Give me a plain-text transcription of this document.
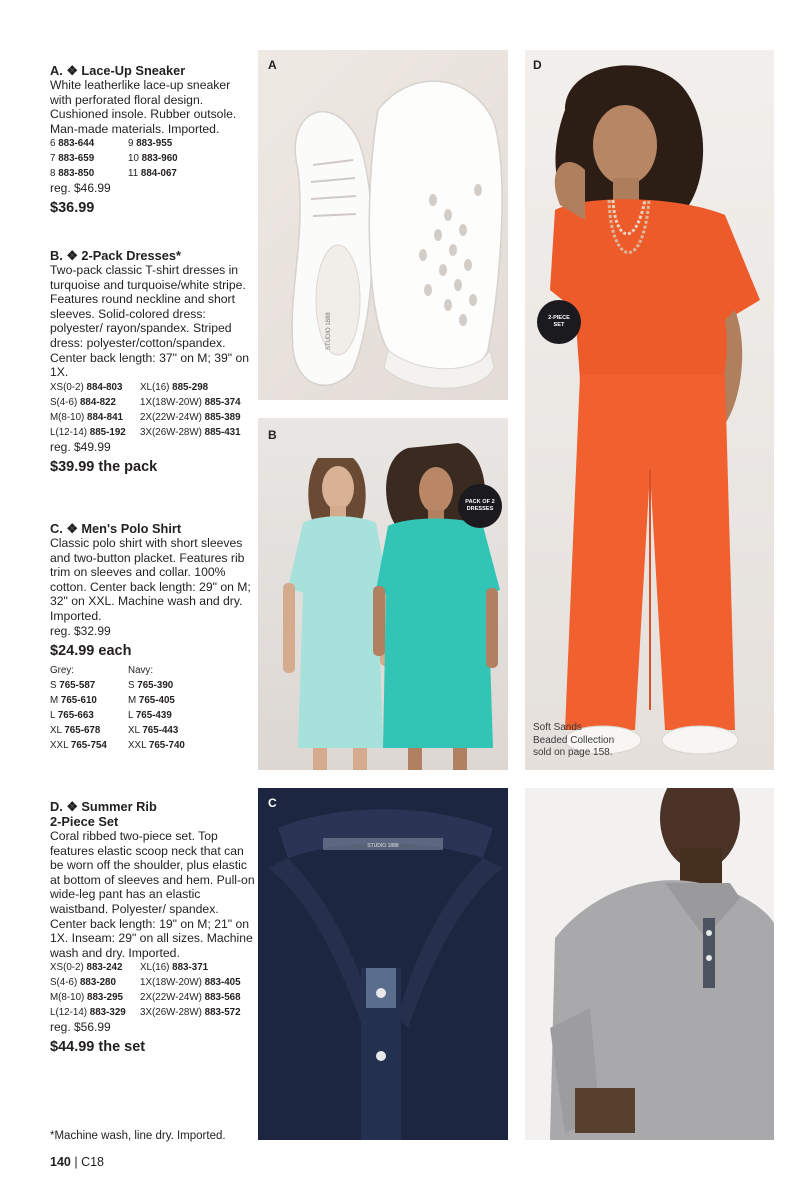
A. ❖ Lace-Up Sneaker

White leatherlike lace-up sneaker with perforated floral design. Cushioned insole. Rubber outsole. Man-made materials. Imported.

6 883-644	9 883-955
7 883-659	10 883-960
8 883-850	11 884-067
reg. $46.99
$36.99
B. ❖ 2-Pack Dresses*

Two-pack classic T-shirt dresses in turquoise and turquoise/white stripe. Features round neckline and short sleeves. Solid-colored dress: polyester/ rayon/spandex. Striped dress: polyester/cotton/spandex. Center back length: 37" on M; 39" on 1X.

XS(0-2) 884-803	XL(16) 885-298
S(4-6) 884-822	1X(18W-20W) 885-374
M(8-10) 884-841	2X(22W-24W) 885-389
L(12-14) 885-192	3X(26W-28W) 885-431
reg. $49.99
$39.99 the pack
C. ❖ Men's Polo Shirt

Classic polo shirt with short sleeves and two-button placket. Features rib trim on sleeves and collar. 100% cotton. Center back length: 29" on M; 32" on XXL. Machine wash and dry. Imported.

reg. $32.99
$24.99 each
Grey:	Navy:
S 765-587	S 765-390
M 765-610	M 765-405
L 765-663	L 765-439
XL 765-678	XL 765-443
XXL 765-754	XXL 765-740
D. ❖ Summer Rib
2-Piece Set

Coral ribbed two-piece set. Top features elastic scoop neck that can be worn off the shoulder, plus elastic at bottom of sleeves and hem. Pull-on wide-leg pant has an elastic waistband. Polyester/ spandex. Center back length: 19" on M; 21" on 1X. Inseam: 29" on all sizes. Machine wash and dry. Imported.

XS(0-2) 883-242	XL(16) 883-371
S(4-6) 883-280	1X(18W-20W) 883-405
M(8-10) 883-295	2X(22W-24W) 883-568
L(12-14) 883-329	3X(26W-28W) 883-572
reg. $56.99
$44.99 the set
STUDIO 1888
A
B
PACK OF 2
DRESSES
STUDIO 1888
C
D
2-PIECE
SET
Soft Sands
Beaded Collection
sold on page 158.
*Machine wash, line dry. Imported.
140 | C18
